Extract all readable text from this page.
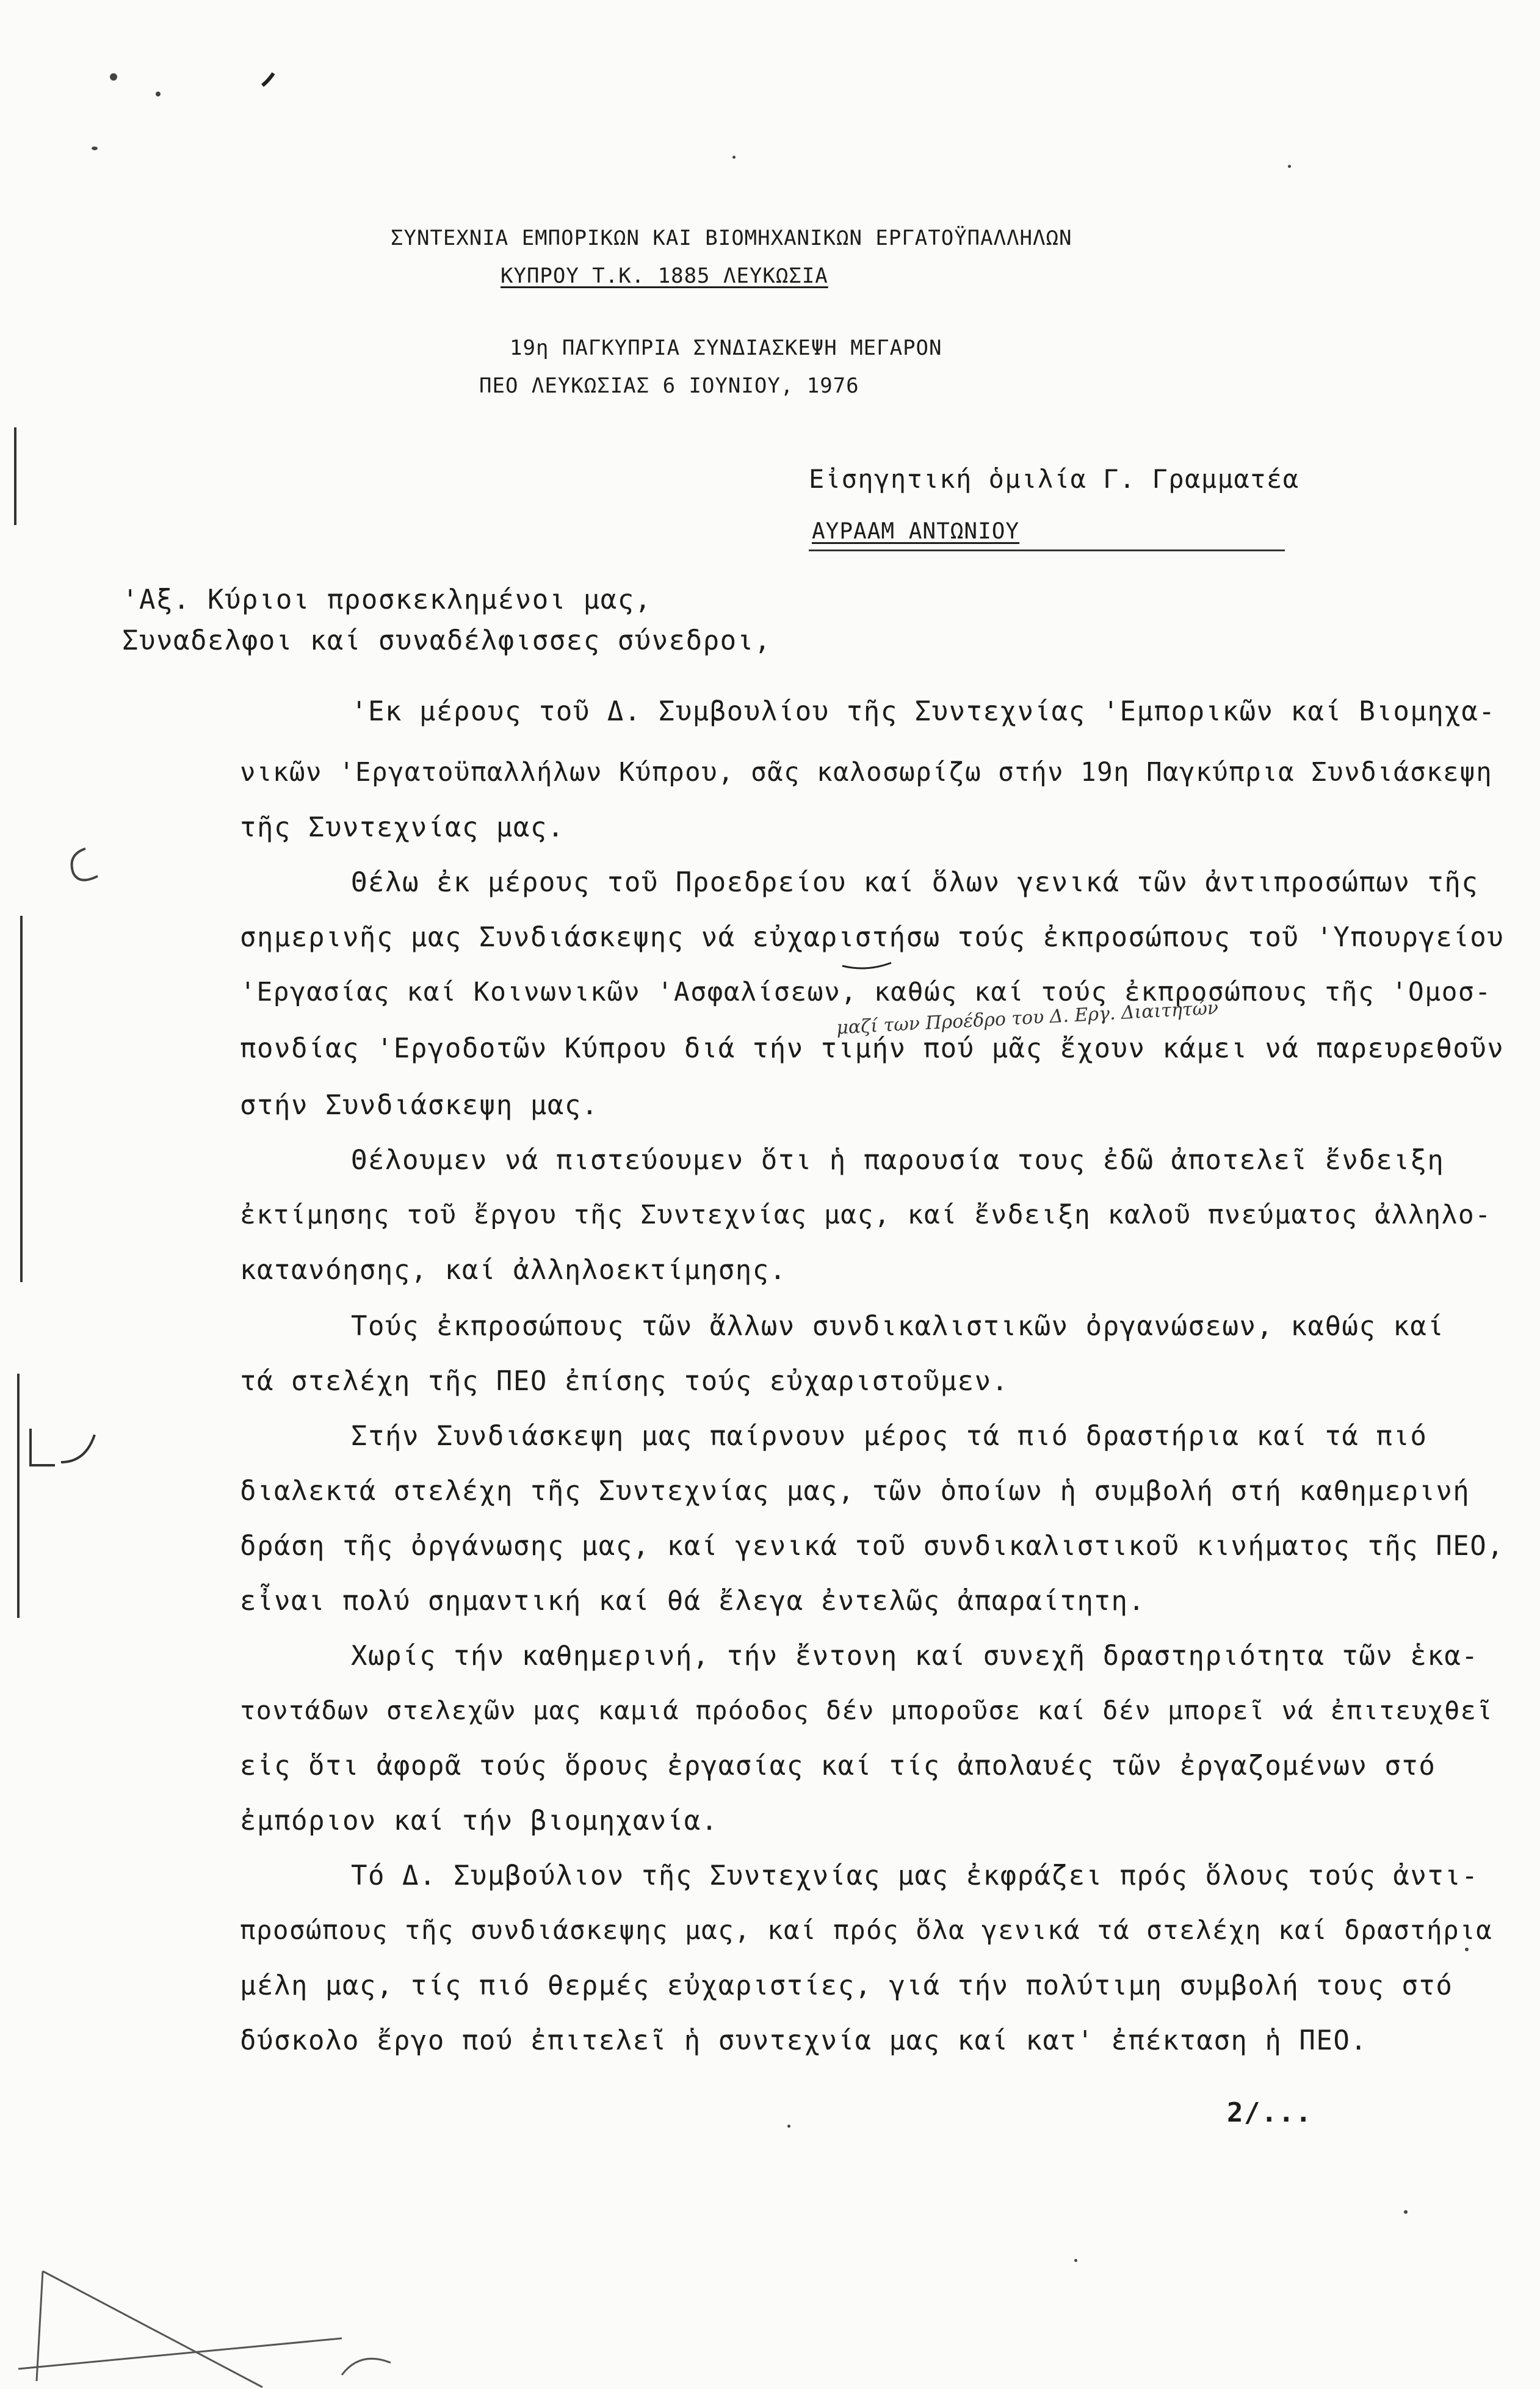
ΣΥΝΤΕΧΝΙΑ ΕΜΠΟΡΙΚΩΝ ΚΑΙ ΒΙΟΜΗΧΑΝΙΚΩΝ ΕΡΓΑΤΟΫΠΑΛΛΗΛΩΝ
ΚΥΠΡΟΥ Τ.Κ. 1885 ΛΕΥΚΩΣΙΑ
19η ΠΑΓΚΥΠΡΙΑ ΣΥΝΔΙΑΣΚΕΨΗ ΜΕΓΑΡΟΝ
ΠΕΟ ΛΕΥΚΩΣΙΑΣ 6 ΙΟΥΝΙΟΥ, 1976
Εἰσηγητική ὁμιλία Γ. Γραμματέα
ΑΥΡΑΑΜ ΑΝΤΩΝΙΟΥ
'Αξ. Κύριοι προσκεκλημένοι μας,
Συναδελφοι καί συναδέλφισσες σύνεδροι,
'Εκ μέρους τοῦ Δ. Συμβουλίου τῆς Συντεχνίας 'Εμπορικῶν καί Βιομηχα-
νικῶν 'Εργατοϋπαλλήλων Κύπρου, σᾶς καλοσωρίζω στήν 19η Παγκύπρια Συνδιάσκεψη
τῆς Συντεχνίας μας.
Θέλω ἐκ μέρους τοῦ Προεδρείου καί ὅλων γενικά τῶν ἀντιπροσώπων τῆς
σημερινῆς μας Συνδιάσκεψης νά εὐχαριστήσω τούς ἐκπροσώπους τοῦ 'Υπουργείου
'Εργασίας καί Κοινωνικῶν 'Ασφαλίσεων, καθώς καί τούς ἐκπροσώπους τῆς 'Ομοσ-
μαζί των Προέδρο του Δ. Εργ. Διαιτητών
πονδίας 'Εργοδοτῶν Κύπρου διά τήν τιμήν πού μᾶς ἔχουν κάμει νά παρευρεθοῦν
στήν Συνδιάσκεψη μας.
Θέλουμεν νά πιστεύουμεν ὅτι ἡ παρουσία τους ἐδῶ ἀποτελεῖ ἔνδειξη
ἐκτίμησης τοῦ ἔργου τῆς Συντεχνίας μας, καί ἔνδειξη καλοῦ πνεύματος ἀλληλο-
κατανόησης, καί ἀλληλοεκτίμησης.
Τούς ἐκπροσώπους τῶν ἄλλων συνδικαλιστικῶν ὀργανώσεων, καθώς καί
τά στελέχη τῆς ΠΕΟ ἐπίσης τούς εὐχαριστοῦμεν.
Στήν Συνδιάσκεψη μας παίρνουν μέρος τά πιό δραστήρια καί τά πιό
διαλεκτά στελέχη τῆς Συντεχνίας μας, τῶν ὁποίων ἡ συμβολή στή καθημερινή
δράση τῆς ὀργάνωσης μας, καί γενικά τοῦ συνδικαλιστικοῦ κινήματος τῆς ΠΕΟ,
εἶναι πολύ σημαντική καί θά ἔλεγα ἐντελῶς ἀπαραίτητη.
Χωρίς τήν καθημερινή, τήν ἔντονη καί συνεχῆ δραστηριότητα τῶν ἑκα-
τοντάδων στελεχῶν μας καμιά πρόοδος δέν μποροῦσε καί δέν μπορεῖ νά ἐπιτευχθεῖ
εἰς ὅτι ἀφορᾶ τούς ὅρους ἐργασίας καί τίς ἀπολαυές τῶν ἐργαζομένων στό
ἐμπόριον καί τήν βιομηχανία.
Τό Δ. Συμβούλιον τῆς Συντεχνίας μας ἐκφράζει πρός ὅλους τούς ἀντι-
προσώπους τῆς συνδιάσκεψης μας, καί πρός ὅλα γενικά τά στελέχη καί δραστήρια
μέλη μας, τίς πιό θερμές εὐχαριστίες, γιά τήν πολύτιμη συμβολή τους στό
δύσκολο ἔργο πού ἐπιτελεῖ ἡ συντεχνία μας καί κατ' ἐπέκταση ἡ ΠΕΟ.
2/...
